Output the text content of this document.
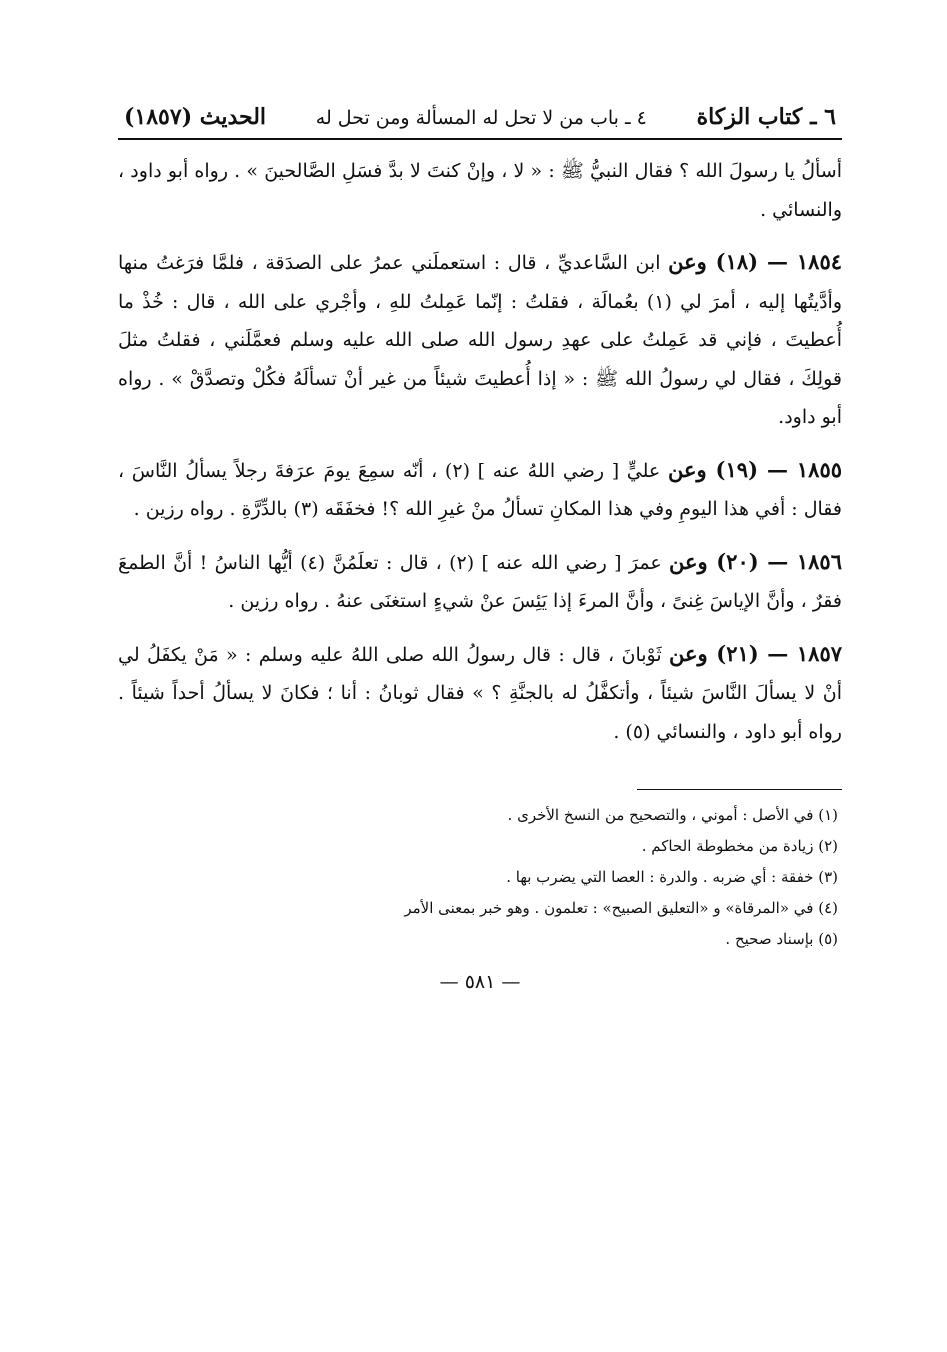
٦ ـ كتاب الزكاة
٤ ـ باب من لا تحل له المسألة ومن تحل له
الحديث (١٨٥٧)

أسألُ يا رسولَ الله ؟ فقال النبيُّ ﷺ : « لا ، وإنْ كنتَ لا بدَّ فسَلِ الصَّالحينَ » . رواه أبو داود ، والنسائي .

١٨٥٤ — (١٨) وعن ابن السَّاعديِّ ، قال : استعملَني عمرُ على الصدَقة ، فلمَّا فرَغتُ منها وأدَّيتُها إليه ، أمرَ لي (١) بعُمالَة ، فقلتُ : إنّما عَمِلتُ للهِ ، وأجْري على الله ، قال : خُذْ ما أُعطيتَ ، فإني قد عَمِلتُ على عهدِ رسول الله صلى الله عليه وسلم فعمَّلَني ، فقلتُ مثلَ قولِكَ ، فقال لي رسولُ الله ﷺ : « إذا أُعطيتَ شيئاً من غير أنْ تسألَهُ فكُلْ وتصدَّقْ » . رواه أبو داود.

١٨٥٥ — (١٩) وعن عليٍّ [ رضي اللهُ عنه ] (٢) ، أنّه سمِعَ يومَ عرَفةَ رجلاً يسألُ النَّاسَ ، فقال : أفي هذا اليومِ وفي هذا المكانِ تسألُ منْ غيرِ الله ؟! فخفَقَه (٣) بالدِّرَّةِ . رواه رزين .

١٨٥٦ — (٢٠) وعن عمرَ [ رضي الله عنه ] (٢) ، قال : تعلَمُنَّ (٤) أيُّها الناسُ ! أنَّ الطمعَ فقرٌ ، وأنَّ الإياسَ غِنىً ، وأنَّ المرءَ إذا يَئِسَ عنْ شيءٍ استغنَى عنهُ . رواه رزين .

١٨٥٧ — (٢١) وعن ثَوْبانَ ، قال : قال رسولُ الله صلى اللهُ عليه وسلم : « مَنْ يكفَلُ لي أنْ لا يسألَ النَّاسَ شيئاً ، وأتكفَّلُ له بالجنَّةِ ؟ » فقال ثوبانُ : أنا ؛ فكانَ لا يسألُ أحداً شيئاً . رواه أبو داود ، والنسائي (٥) .

(١) في الأصل : أموني ، والتصحيح من النسخ الأخرى .

(٢) زيادة من مخطوطة الحاكم .

(٣) خفقة : أي ضربه . والدرة : العصا التي يضرب بها .

(٤) في «المرقاة» و «التعليق الصبيح» : تعلمون . وهو خبر بمعنى الأمر

(٥) بإسناد صحيح .

— ٥٨١ —
